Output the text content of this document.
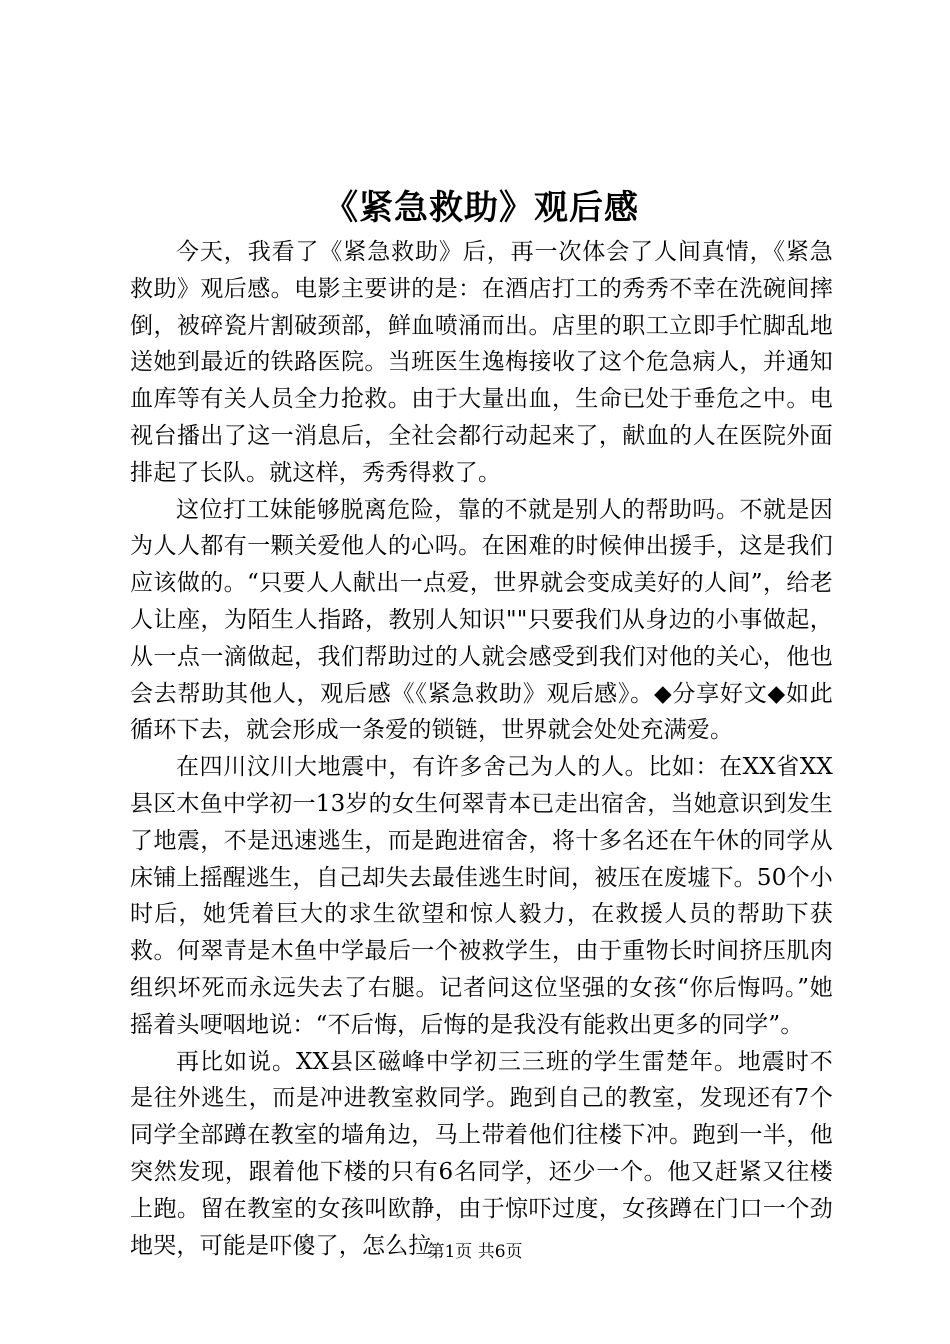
《紧急救助》观后感

今天，我看了《紧急救助》后，再一次体会了人间真情，《紧急救助》观后感。电影主要讲的是：在酒店打工的秀秀不幸在洗碗间摔倒，被碎瓷片割破颈部，鲜血喷涌而出。店里的职工立即手忙脚乱地送她到最近的铁路医院。当班医生逸梅接收了这个危急病人，并通知血库等有关人员全力抢救。由于大量出血，生命已处于垂危之中。电视台播出了这一消息后，全社会都行动起来了，献血的人在医院外面排起了长队。就这样，秀秀得救了。

这位打工妹能够脱离危险，靠的不就是别人的帮助吗。不就是因为人人都有一颗关爱他人的心吗。在困难的时候伸出援手，这是我们应该做的。“只要人人献出一点爱，世界就会变成美好的人间”，给老人让座，为陌生人指路，教别人知识""只要我们从身边的小事做起，从一点一滴做起，我们帮助过的人就会感受到我们对他的关心，他也会去帮助其他人，观后感《《紧急救助》观后感》。◆分享好文◆如此循环下去，就会形成一条爱的锁链，世界就会处处充满爱。

在四川汶川大地震中，有许多舍己为人的人。比如：在XX省XX县区木鱼中学初一13岁的女生何翠青本已走出宿舍，当她意识到发生了地震，不是迅速逃生，而是跑进宿舍，将十多名还在午休的同学从床铺上摇醒逃生，自己却失去最佳逃生时间，被压在废墟下。50个小时后，她凭着巨大的求生欲望和惊人毅力，在救援人员的帮助下获救。何翠青是木鱼中学最后一个被救学生，由于重物长时间挤压肌肉组织坏死而永远失去了右腿。记者问这位坚强的女孩“你后悔吗。”她摇着头哽咽地说：“不后悔，后悔的是我没有能救出更多的同学”。

再比如说。XX县区磁峰中学初三三班的学生雷楚年。地震时不是往外逃生，而是冲进教室救同学。跑到自己的教室，发现还有7个同学全部蹲在教室的墙角边，马上带着他们往楼下冲。跑到一半，他突然发现，跟着他下楼的只有6名同学，还少一个。他又赶紧又往楼上跑。留在教室的女孩叫欧静，由于惊吓过度，女孩蹲在门口一个劲地哭，可能是吓傻了，怎么拉

第1页 共6页
